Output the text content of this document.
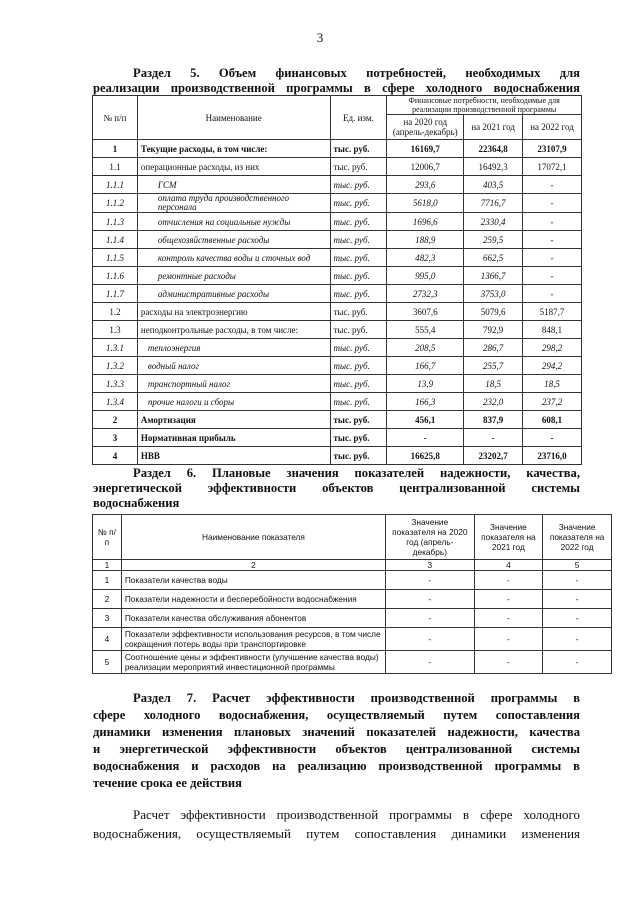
3
Раздел 5. Объем финансовых потребностей, необходимых для
реализации производственной программы в сфере холодного водоснабжения
№ п/п	Наименование	Ед. изм.	Финансовые потребности, необходимые для реализации производственной программы		
			на 2020 год (апрель-декабрь)	на 2021 год	на 2022 год
1	Текущие расходы, в том числе:	тыс. руб.	16169,7	22364,8	23107,9
1.1	операционные расходы, из них	тыс. руб.	12006,7	16492,3	17072,1
1.1.1	ГСМ	тыс. руб.	293,6	403,5	-
1.1.2	оплата труда производственного персонала	тыс. руб.	5618,0	7716,7	-
1.1.3	отчисления на социальные нужды	тыс. руб.	1696,6	2330,4	-
1.1.4	общехозяйственные расходы	тыс. руб.	188,9	259,5	-
1.1.5	контроль качества воды и сточных вод	тыс. руб.	482,3	662,5	-
1.1.6	ремонтные расходы	тыс. руб.	995,0	1366,7	-
1.1.7	административные расходы	тыс. руб.	2732,3	3753,0	-
1.2	расходы на электроэнергию	тыс. руб.	3607,6	5079,6	5187,7
1.3	неподконтрольные расходы, в том числе:	тыс. руб.	555,4	792,9	848,1
1.3.1	теплоэнергия	тыс. руб.	208,5	286,7	298,2
1.3.2	водный налог	тыс. руб.	166,7	255,7	294,2
1.3.3	транспортный налог	тыс. руб.	13,9	18,5	18,5
1.3.4	прочие налоги и сборы	тыс. руб.	166,3	232,0	237,2
2	Амортизация	тыс. руб.	456,1	837,9	608,1
3	Нормативная прибыль	тыс. руб.	-	-	-
4	НВВ	тыс. руб.	16625,8	23202,7	23716,0
Раздел 6. Плановые значения показателей надежности, качества,
энергетической эффективности объектов централизованной системы
водоснабжения
№ п/п	Наименование показателя	Значение показателя на 2020 год (апрель-декабрь)	Значение показателя на 2021 год	Значение показателя на 2022 год
1	2	3	4	5
1	Показатели качества воды	-	-	-
2	Показатели надежности и бесперебойности водоснабжения	-	-	-
3	Показатели качества обслуживания абонентов	-	-	-
4	Показатели эффективности использования ресурсов, в том числе сокращения потерь воды при транспортировке	-	-	-
5	Соотношение цены и эффективности (улучшение качества воды) реализации мероприятий инвестиционной программы	-	-	-
Раздел 7. Расчет эффективности производственной программы в
сфере холодного водоснабжения, осуществляемый путем сопоставления
динамики изменения плановых значений показателей надежности, качества
и энергетической эффективности объектов централизованной системы
водоснабжения и расходов на реализацию производственной программы в
течение срока ее действия
Расчет эффективности производственной программы в сфере холодного
водоснабжения, осуществляемый путем сопоставления динамики изменения
